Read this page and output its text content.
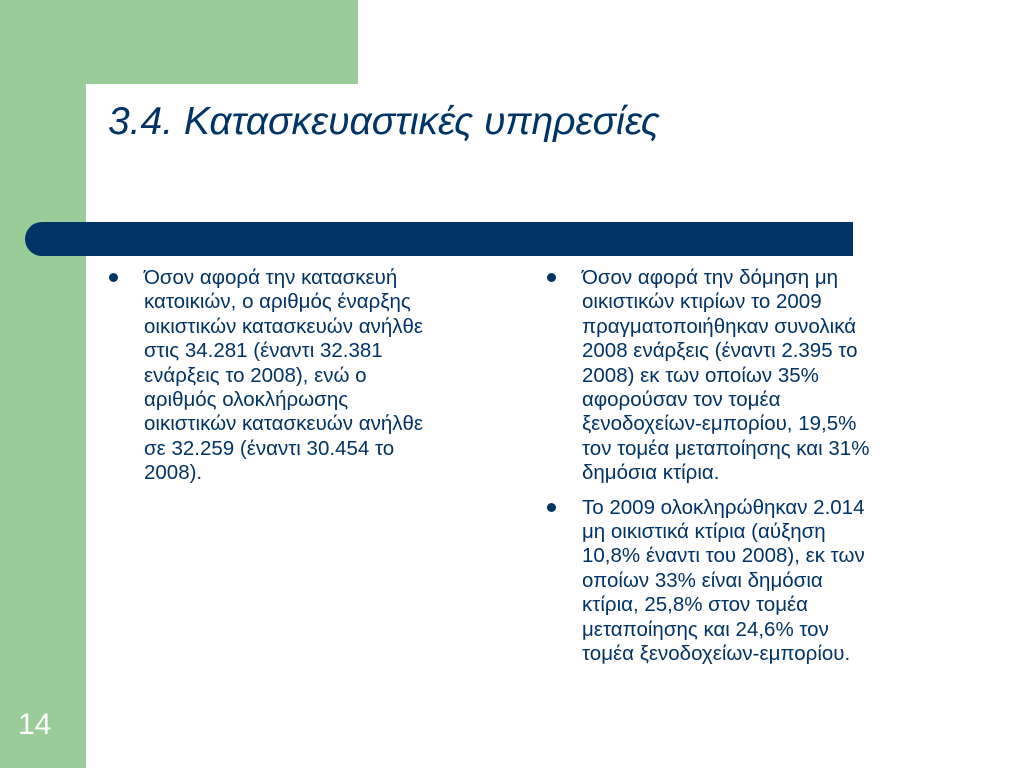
3.4. Κατασκευαστικές υπηρεσίες
Όσον αφορά την κατασκευή
κατοικιών, ο αριθμός έναρξης
οικιστικών κατασκευών ανήλθε
στις 34.281 (έναντι 32.381
ενάρξεις το 2008), ενώ ο
αριθμός ολοκλήρωσης
οικιστικών κατασκευών ανήλθε
σε 32.259 (έναντι 30.454 το
2008).
Όσον αφορά την δόμηση μη
οικιστικών κτιρίων το 2009
πραγματοποιήθηκαν συνολικά
2008 ενάρξεις (έναντι 2.395 το
2008) εκ των οποίων 35%
αφορούσαν τον τομέα
ξενοδοχείων-εμπορίου, 19,5%
τον τομέα μεταποίησης και 31%
δημόσια κτίρια.
Το 2009 ολοκληρώθηκαν 2.014
μη οικιστικά κτίρια (αύξηση
10,8% έναντι του 2008), εκ των
οποίων 33% είναι δημόσια
κτίρια, 25,8% στον τομέα
μεταποίησης και 24,6% τον
τομέα ξενοδοχείων-εμπορίου.
14
